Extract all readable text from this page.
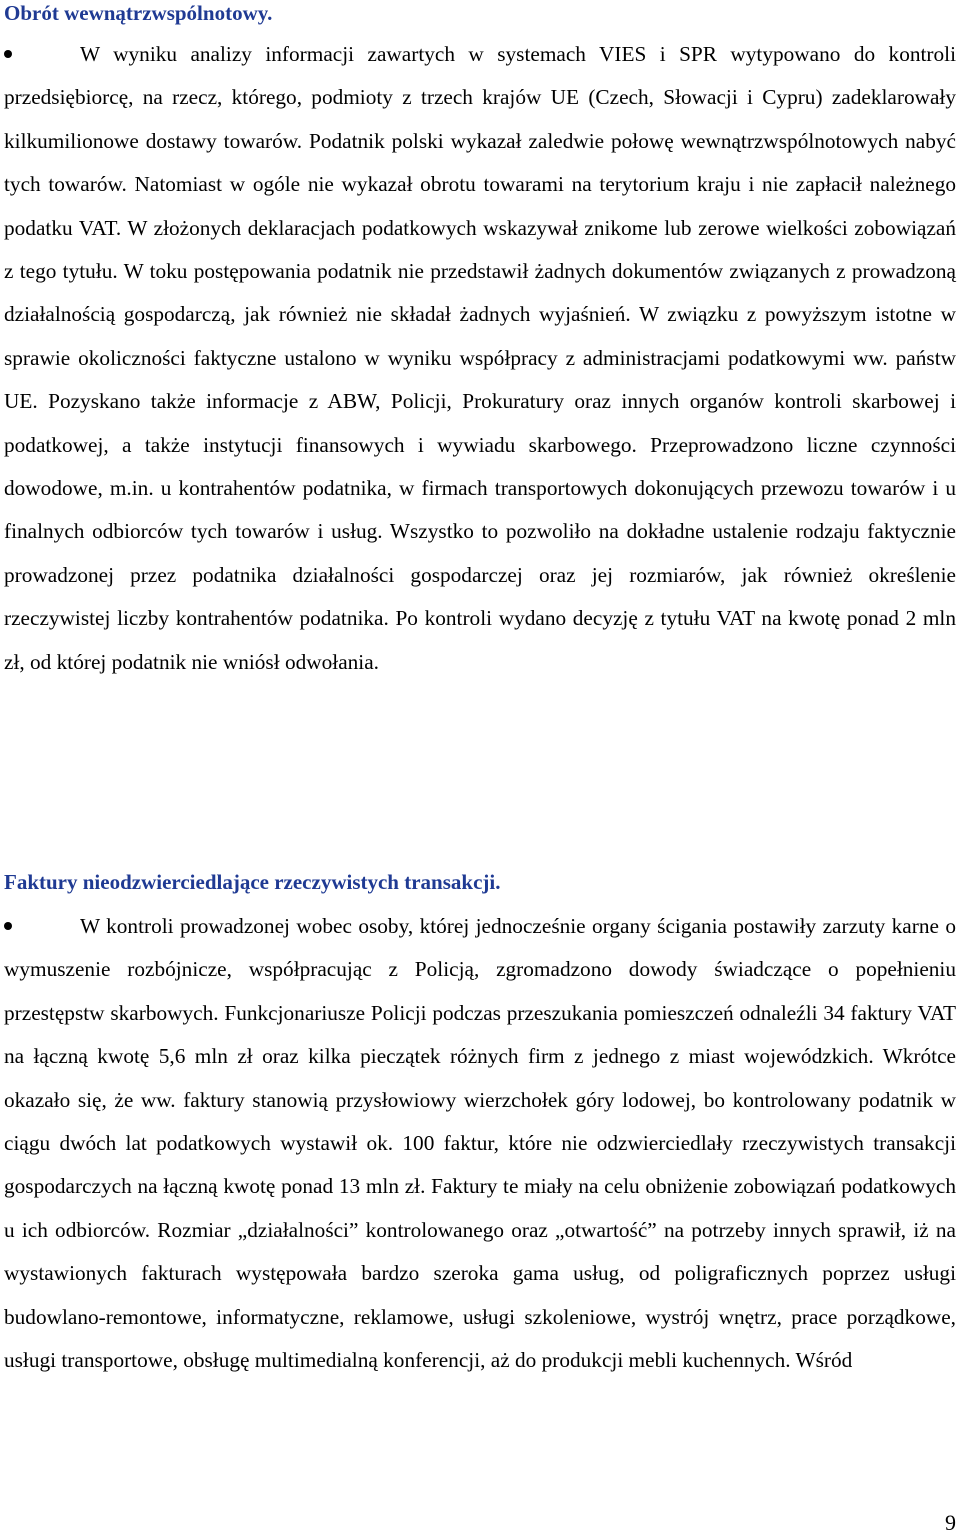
Obrót wewnątrzwspólnotowy.

W wyniku analizy informacji zawartych w systemach VIES i SPR wytypowano do kontroli przedsiębiorcę, na rzecz, którego, podmioty z trzech krajów UE (Czech, Słowacji i Cypru) zadeklarowały kilkumilionowe dostawy towarów. Podatnik polski wykazał zaledwie połowę wewnątrzwspólnotowych nabyć tych towarów. Natomiast w ogóle nie wykazał obrotu towarami na terytorium kraju i nie zapłacił należnego podatku VAT. W złożonych deklaracjach podatkowych wskazywał znikome lub zerowe wielkości zobowiązań z tego tytułu. W toku postępowania podatnik nie przedstawił żadnych dokumentów związanych z prowadzoną działalnością gospodarczą, jak również nie składał żadnych wyjaśnień. W związku z powyższym istotne w sprawie okoliczności faktyczne ustalono w wyniku współpracy z administracjami podatkowymi ww. państw UE. Pozyskano także informacje z ABW, Policji, Prokuratury oraz innych organów kontroli skarbowej i podatkowej, a także instytucji finansowych i wywiadu skarbowego. Przeprowadzono liczne czynności dowodowe, m.in. u kontrahentów podatnika, w firmach transportowych dokonujących przewozu towarów i u finalnych odbiorców tych towarów i usług. Wszystko to pozwoliło na dokładne ustalenie rodzaju faktycznie prowadzonej przez podatnika działalności gospodarczej oraz jej rozmiarów, jak również określenie rzeczywistej liczby kontrahentów podatnika. Po kontroli wydano decyzję z tytułu VAT na kwotę ponad 2 mln zł, od której podatnik nie wniósł odwołania.

Faktury nieodzwierciedlające rzeczywistych transakcji.

W kontroli prowadzonej wobec osoby, której jednocześnie organy ścigania postawiły zarzuty karne o wymuszenie rozbójnicze, współpracując z Policją, zgromadzono dowody świadczące o popełnieniu przestępstw skarbowych. Funkcjonariusze Policji podczas przeszukania pomieszczeń odnaleźli 34 faktury VAT na łączną kwotę 5,6 mln zł oraz kilka pieczątek różnych firm z jednego z miast wojewódzkich. Wkrótce okazało się, że ww. faktury stanowią przysłowiowy wierzchołek góry lodowej, bo kontrolowany podatnik w ciągu dwóch lat podatkowych wystawił ok. 100 faktur, które nie odzwierciedlały rzeczywistych transakcji gospodarczych na łączną kwotę ponad 13 mln zł. Faktury te miały na celu obniżenie zobowiązań podatkowych u ich odbiorców. Rozmiar „działalności” kontrolowanego oraz „otwartość” na potrzeby innych sprawił, iż na wystawionych fakturach występowała bardzo szeroka gama usług, od poligraficznych poprzez usługi budowlano-remontowe, informatyczne, reklamowe, usługi szkoleniowe, wystrój wnętrz, prace porządkowe, usługi transportowe, obsługę multimedialną konferencji, aż do produkcji mebli kuchennych. Wśród

9
